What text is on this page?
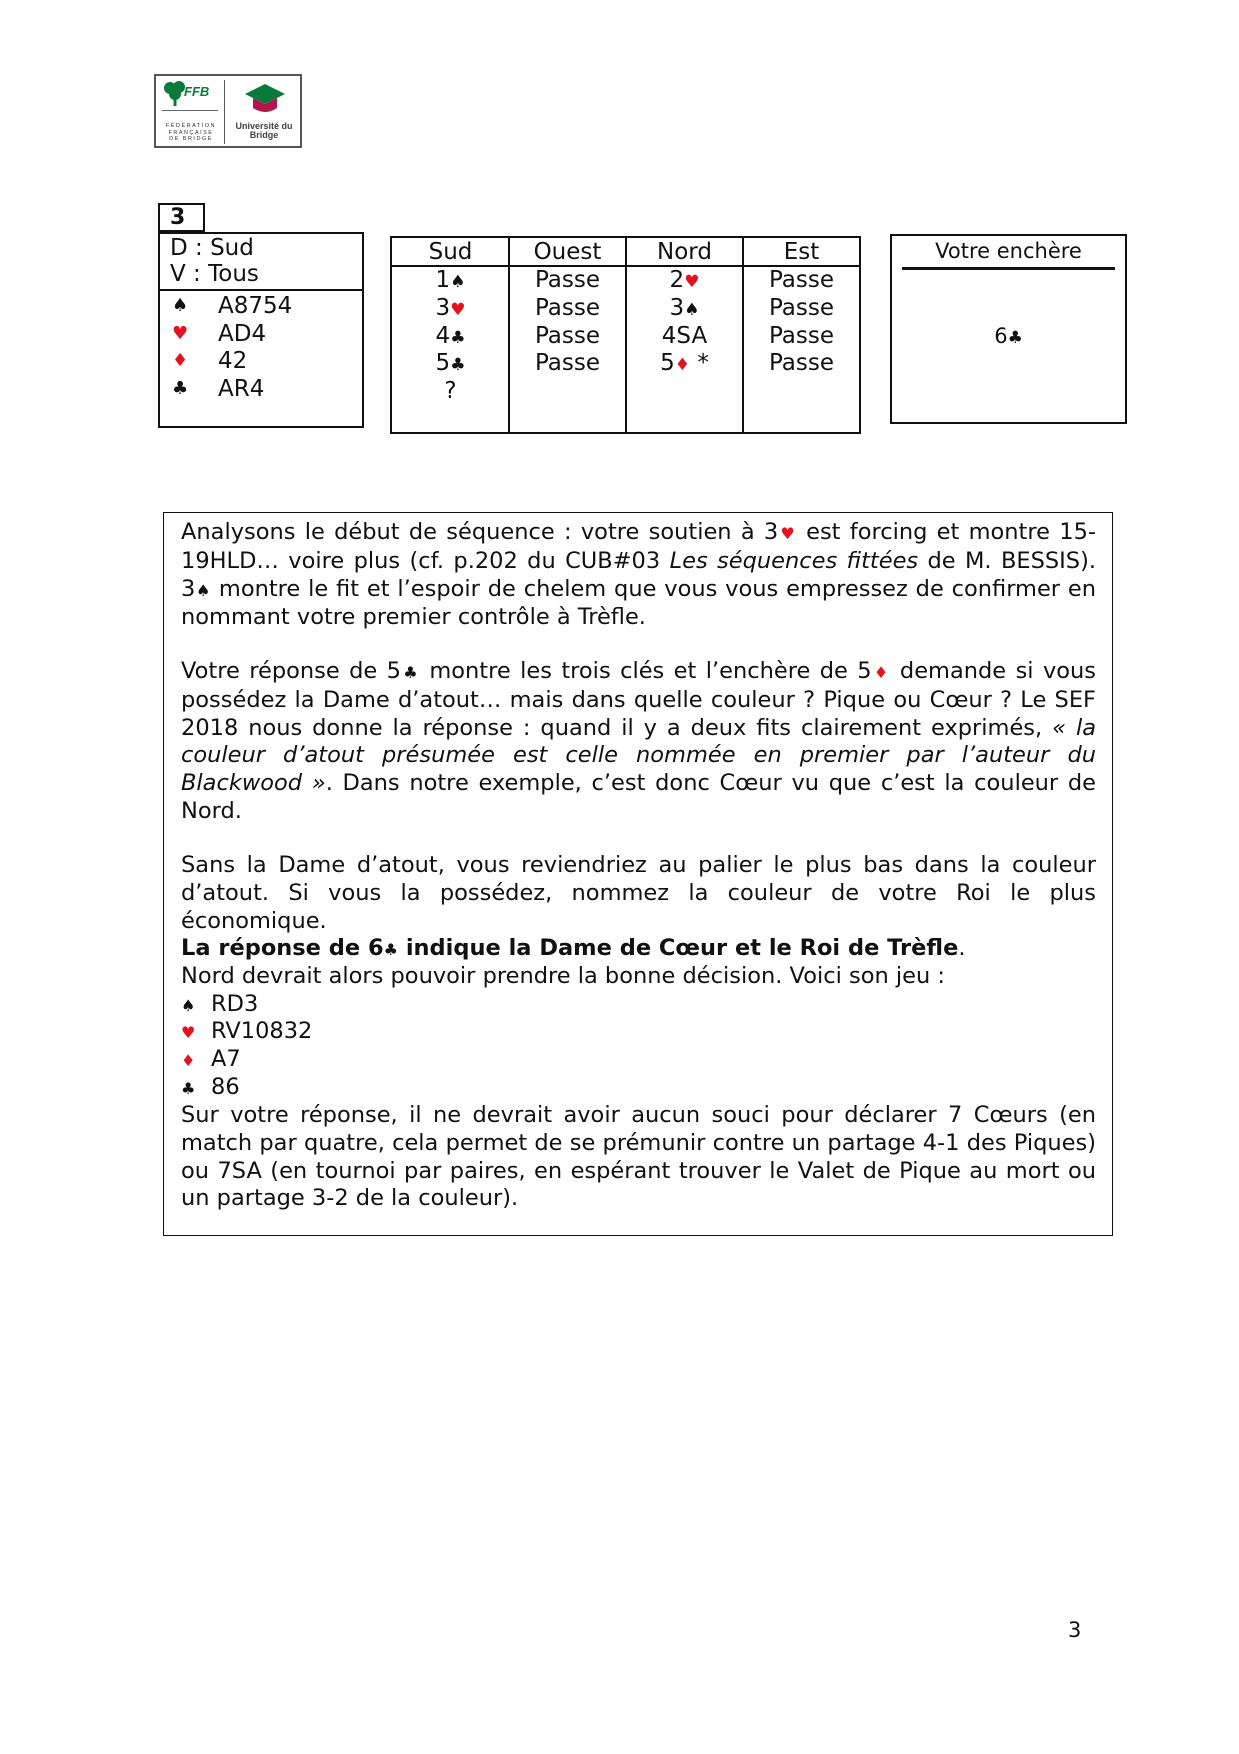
FFB
FÉDÉRATION FRANÇAISE DE BRIDGE
Université du Bridge
3
D : Sud
V : Tous
♠ A8754
♥ AD4
♦ 42
♣ AR4
Sud	Ouest	Nord	Est
1♠	Passe	2♥	Passe
3♥	Passe	3♠	Passe
4♣	Passe	4SA	Passe
5♣	Passe	5♦ *	Passe
?
Votre enchère
6♣
Analysons le début de séquence : votre soutien à 3♥ est forcing et montre 15-19HLD… voire plus (cf. p.202 du CUB#03 Les séquences fittées de M. BESSIS). 3♠ montre le fit et l’espoir de chelem que vous vous empressez de confirmer en nommant votre premier contrôle à Trèfle.
Votre réponse de 5♣ montre les trois clés et l’enchère de 5♦ demande si vous possédez la Dame d’atout… mais dans quelle couleur ? Pique ou Cœur ? Le SEF 2018 nous donne la réponse : quand il y a deux fits clairement exprimés, « la couleur d’atout présumée est celle nommée en premier par l’auteur du Blackwood ». Dans notre exemple, c’est donc Cœur vu que c’est la couleur de Nord.
Sans la Dame d’atout, vous reviendriez au palier le plus bas dans la couleur d’atout. Si vous la possédez, nommez la couleur de votre Roi le plus économique.
La réponse de 6♣ indique la Dame de Cœur et le Roi de Trèfle.
Nord devrait alors pouvoir prendre la bonne décision. Voici son jeu :
♠ RD3
♥ RV10832
♦ A7
♣ 86
Sur votre réponse, il ne devrait avoir aucun souci pour déclarer 7 Cœurs (en match par quatre, cela permet de se prémunir contre un partage 4-1 des Piques) ou 7SA (en tournoi par paires, en espérant trouver le Valet de Pique au mort ou un partage 3-2 de la couleur).
3
